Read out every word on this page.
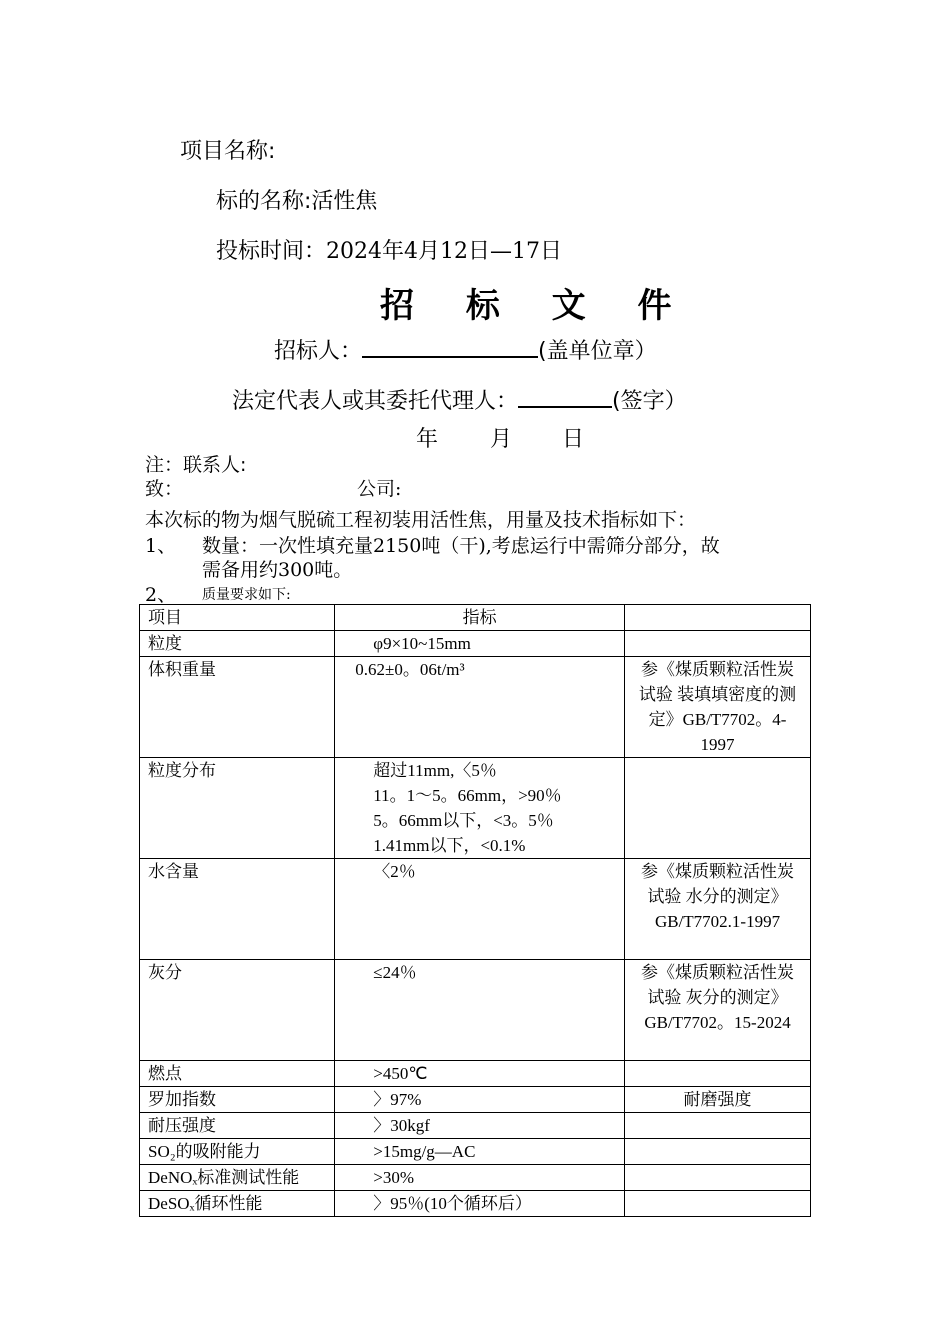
项目名称:
标的名称:活性焦
投标时间：2024年4月12日—17日
招 标 文 件
招标人：	(盖单位章）
法定代表人或其委托代理人：	(签字）
年 月 日
注：联系人:
致：	公司:
本次标的物为烟气脱硫工程初装用活性焦，用量及技术指标如下：
1、 数量：一次性填充量2150吨（干),考虑运行中需筛分部分，故
需备用约300吨。
2、 质量要求如下:
项目	指标	
粒度	φ9×10~15mm	
体积重量	0.62±0。06t/m³	参《煤质颗粒活性炭试验 装填填密度的测定》GB/T7702。4-1997
粒度分布	超过11mm,〈5％
11。1～5。66mm，>90％
5。66mm以下，<3。5％
1.41mm以下，<0.1%	

水含量	〈2％	参《煤质颗粒活性炭试验 水分的测定》GB/T7702.1-1997
灰分	≤24％	参《煤质颗粒活性炭试验 灰分的测定》GB/T7702。15-2024
燃点	>450℃	
罗加指数	〉97%	耐磨强度
耐压强度	〉30kgf	
SO₂的吸附能力	>15mg/g—AC	
DeNOₓ标准测试性能	>30%	
DeSOₓ循环性能	〉95％(10个循环后）	
